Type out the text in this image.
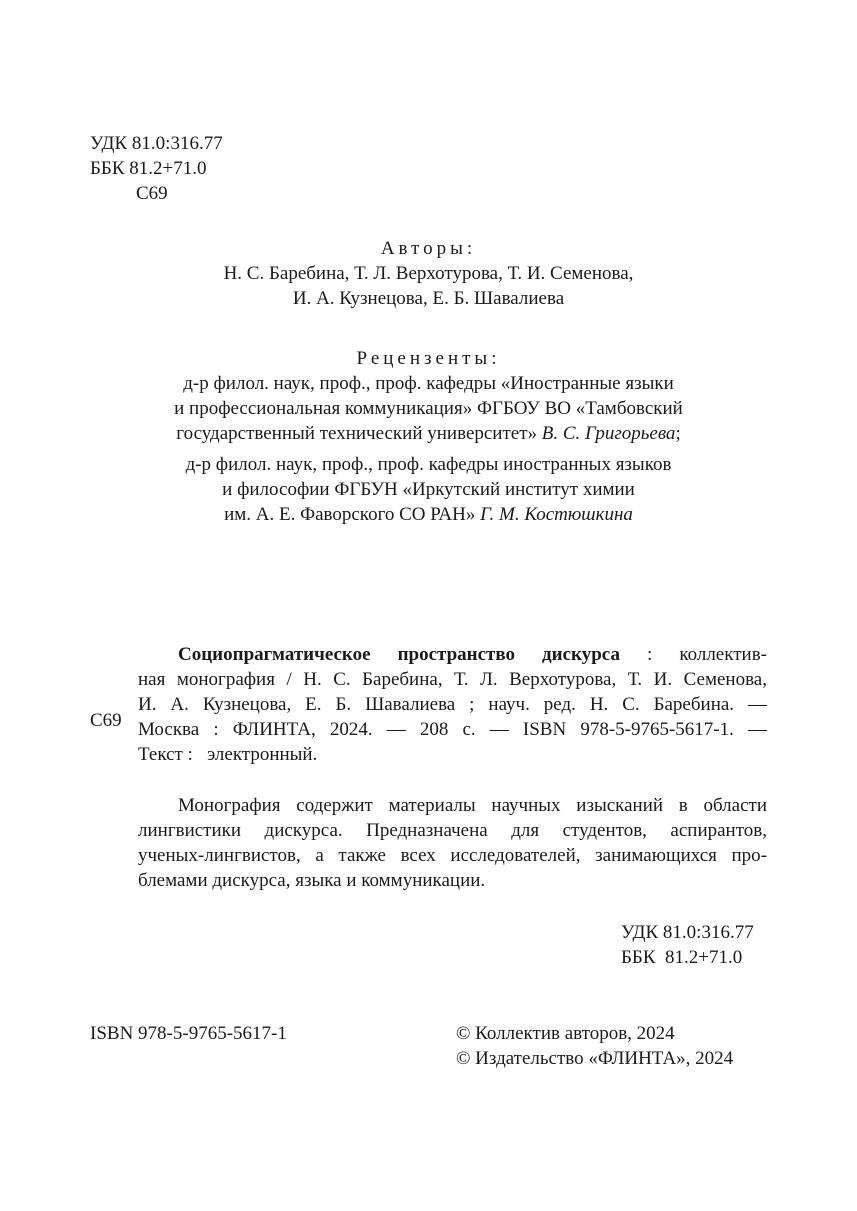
УДК 81.0:316.77
ББК 81.2+71.0
С69
Авторы:
Н. С. Баребина, Т. Л. Верхотурова, Т. И. Семенова,
И. А. Кузнецова, Е. Б. Шавалиева
Рецензенты:
д-р филол. наук, проф., проф. кафедры «Иностранные языки
и профессиональная коммуникация» ФГБОУ ВО «Тамбовский
государственный технический университет» В. С. Григорьева;
д-р филол. наук, проф., проф. кафедры иностранных языков
и философии ФГБУН «Иркутский институт химии
им. А. Е. Фаворского СО РАН» Г. М. Костюшкина
С69
Социопрагматическое пространство дискурса : коллектив-
ная монография / Н. С. Баребина, Т. Л. Верхотурова, Т. И. Семенова,
И. А. Кузнецова, Е. Б. Шавалиева ; науч. ред. Н. С. Баребина. —
Москва : ФЛИНТА, 2024. — 208 с. — ISBN 978-5-9765-5617-1. —
Текст :   электронный.
Монография содержит материалы научных изысканий в области
лингвистики дискурса. Предназначена для студентов, аспирантов,
ученых-лингвистов, а также всех исследователей, занимающихся про-
блемами дискурса, языка и коммуникации.
УДК 81.0:316.77
ББК  81.2+71.0
ISBN 978-5-9765-5617-1	© Коллектив авторов, 2024
© Издательство «ФЛИНТА», 2024
